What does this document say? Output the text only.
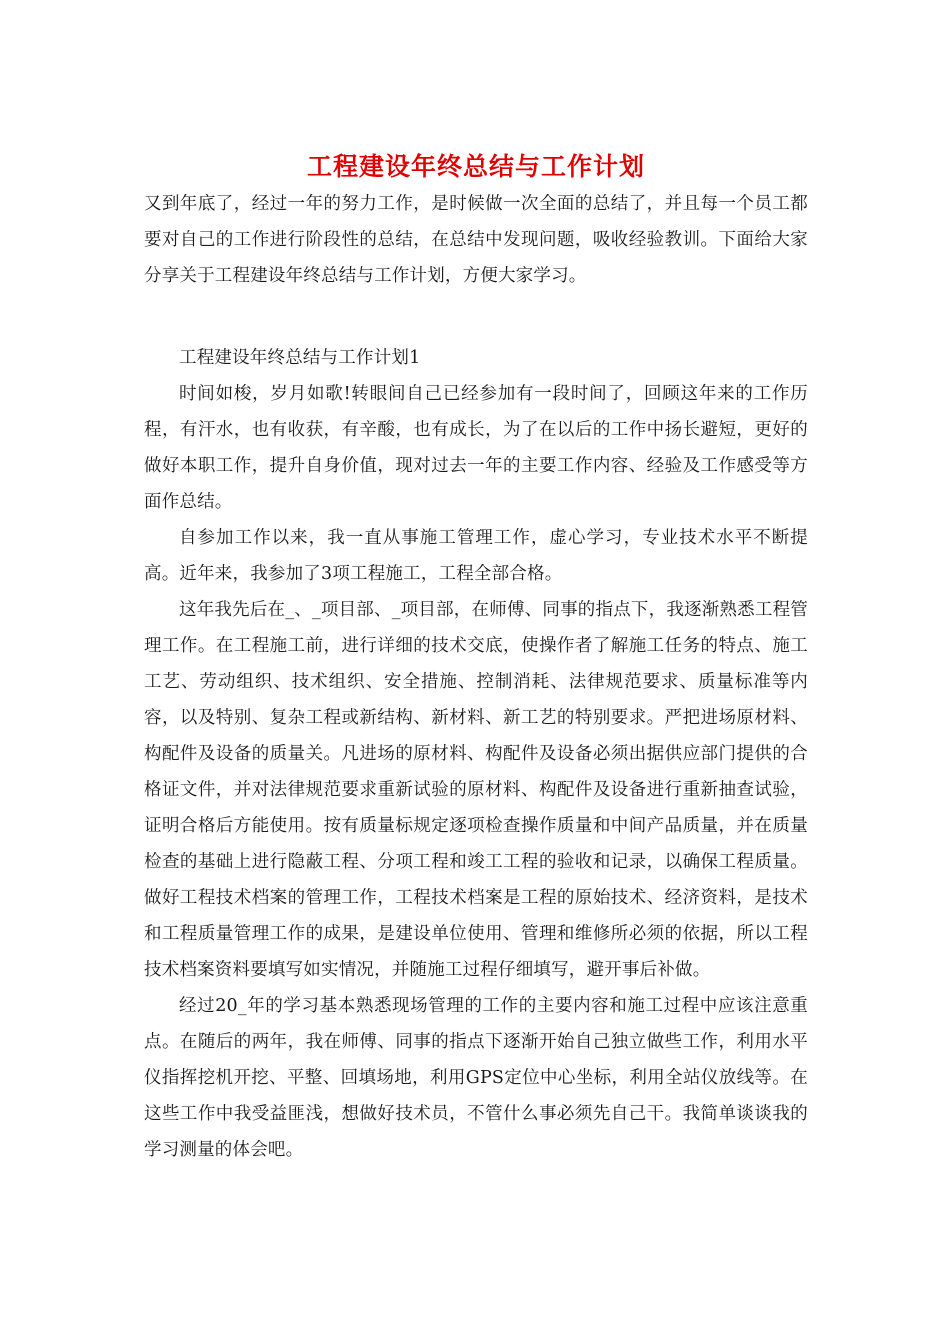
工程建设年终总结与工作计划

又到年底了，经过一年的努力工作，是时候做一次全面的总结了，并且每一个员工都要对自己的工作进行阶段性的总结，在总结中发现问题，吸收经验教训。下面给大家分享关于工程建设年终总结与工作计划，方便大家学习。

工程建设年终总结与工作计划1

时间如梭，岁月如歌!转眼间自己已经参加有一段时间了，回顾这年来的工作历程，有汗水，也有收获，有辛酸，也有成长，为了在以后的工作中扬长避短，更好的做好本职工作，提升自身价值，现对过去一年的主要工作内容、经验及工作感受等方面作总结。

自参加工作以来，我一直从事施工管理工作，虚心学习，专业技术水平不断提高。近年来，我参加了3项工程施工，工程全部合格。

这年我先后在_、_项目部、_项目部，在师傅、同事的指点下，我逐渐熟悉工程管理工作。在工程施工前，进行详细的技术交底，使操作者了解施工任务的特点、施工工艺、劳动组织、技术组织、安全措施、控制消耗、法律规范要求、质量标准等内容，以及特别、复杂工程或新结构、新材料、新工艺的特别要求。严把进场原材料、构配件及设备的质量关。凡进场的原材料、构配件及设备必须出据供应部门提供的合格证文件，并对法律规范要求重新试验的原材料、构配件及设备进行重新抽查试验，证明合格后方能使用。按有质量标规定逐项检查操作质量和中间产品质量，并在质量检查的基础上进行隐蔽工程、分项工程和竣工工程的验收和记录，以确保工程质量。做好工程技术档案的管理工作，工程技术档案是工程的原始技术、经济资料，是技术和工程质量管理工作的成果，是建设单位使用、管理和维修所必须的依据，所以工程技术档案资料要填写如实情况，并随施工过程仔细填写，避开事后补做。

经过20_年的学习基本熟悉现场管理的工作的主要内容和施工过程中应该注意重点。在随后的两年，我在师傅、同事的指点下逐渐开始自己独立做些工作，利用水平仪指挥挖机开挖、平整、回填场地，利用GPS定位中心坐标，利用全站仪放线等。在这些工作中我受益匪浅，想做好技术员，不管什么事必须先自己干。我简单谈谈我的学习测量的体会吧。
